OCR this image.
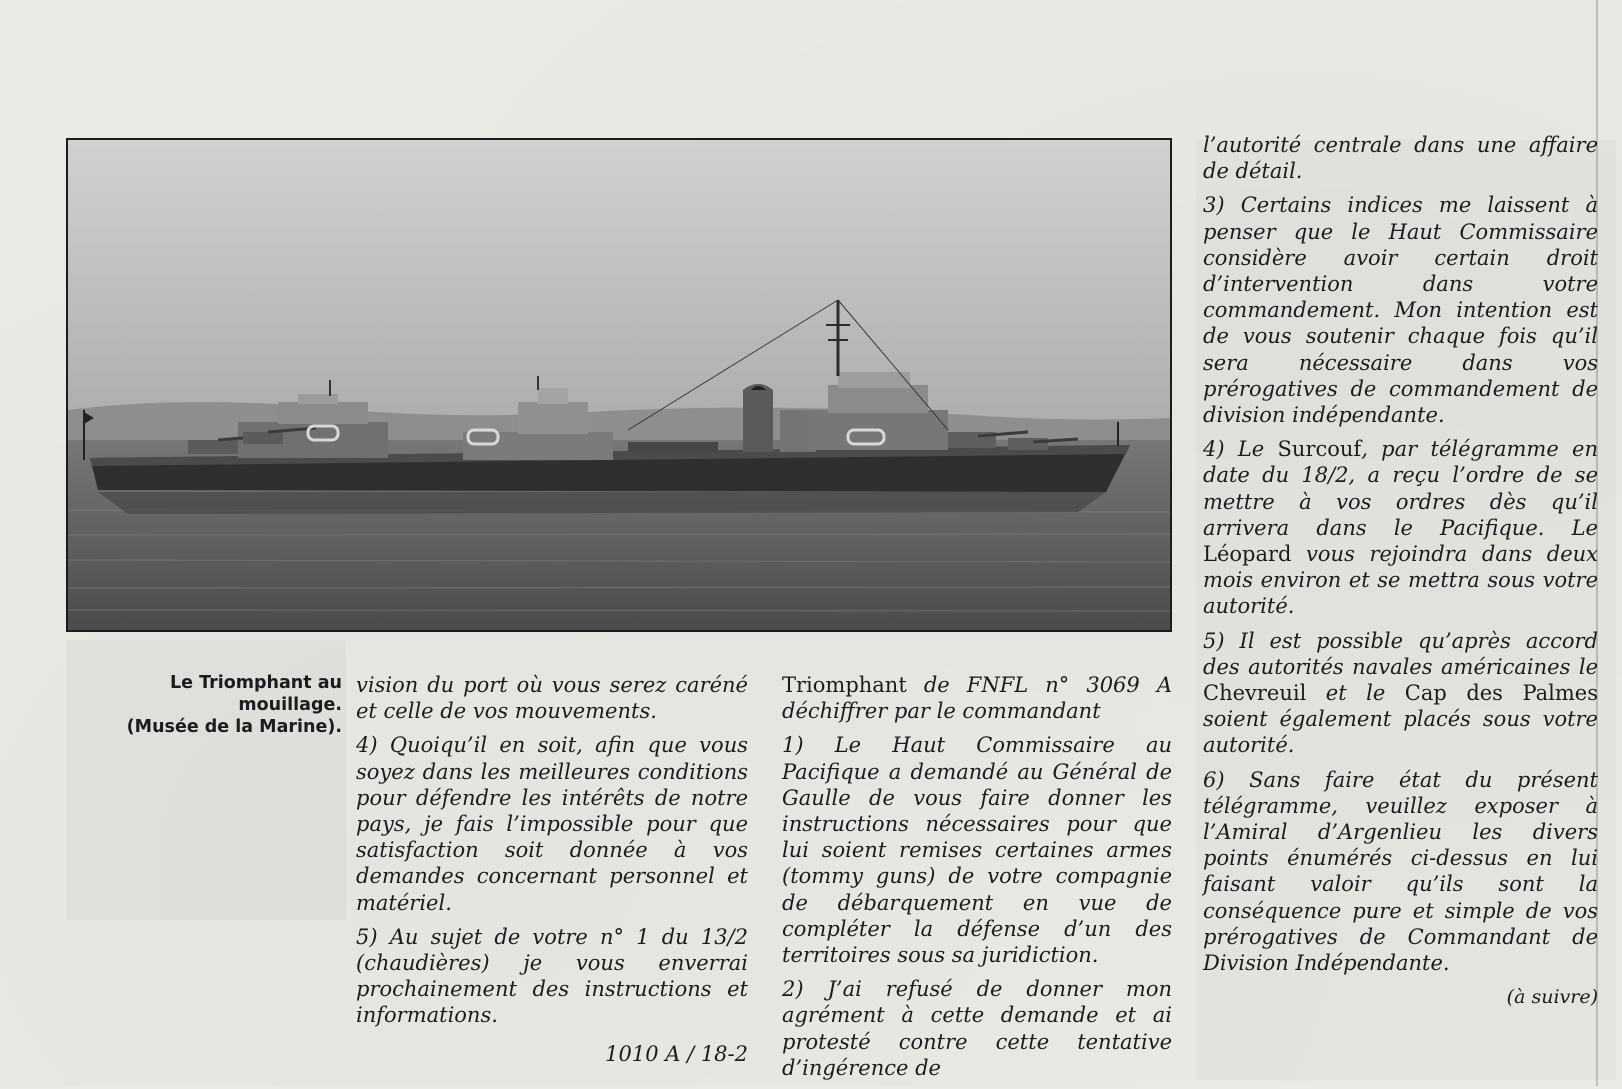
Le Triomphant au
mouillage.
(Musée de la Marine).

vision du port où vous serez caréné et celle de vos mouvements.

4) Quoiqu’il en soit, afin que vous soyez dans les meilleures conditions pour défendre les intérêts de notre pays, je fais l’impossible pour que satisfaction soit donnée à vos demandes concernant personnel et matériel.

5) Au sujet de votre n° 1 du 13/2 (chaudières) je vous enverrai prochainement des instructions et informations.

1010 A / 18-2

Triomphant de FNFL n° 3069 A déchiffrer par le commandant

1) Le Haut Commissaire au Pacifique a demandé au Général de Gaulle de vous faire donner les instructions nécessaires pour que lui soient remises certaines armes (tommy guns) de votre compagnie de débarquement en vue de compléter la défense d’un des territoires sous sa juridiction.

2) J’ai refusé de donner mon agrément à cette demande et ai protesté contre cette tentative d’ingérence de

l’autorité centrale dans une affaire de détail.

3) Certains indices me laissent à penser que le Haut Commissaire considère avoir certain droit d’intervention dans votre commandement. Mon intention est de vous soutenir chaque fois qu’il sera nécessaire dans vos prérogatives de commandement de division indépendante.

4) Le Surcouf, par télégramme en date du 18/2, a reçu l’ordre de se mettre à vos ordres dès qu’il arrivera dans le Pacifique. Le Léopard vous rejoindra dans deux mois environ et se mettra sous votre autorité.

5) Il est possible qu’après accord des autorités navales américaines le Chevreuil et le Cap des Palmes soient également placés sous votre autorité.

6) Sans faire état du présent télégramme, veuillez exposer à l’Amiral d’Argenlieu les divers points énumérés ci-dessus en lui faisant valoir qu’ils sont la conséquence pure et simple de vos prérogatives de Commandant de Division Indépendante.

(à suivre)
